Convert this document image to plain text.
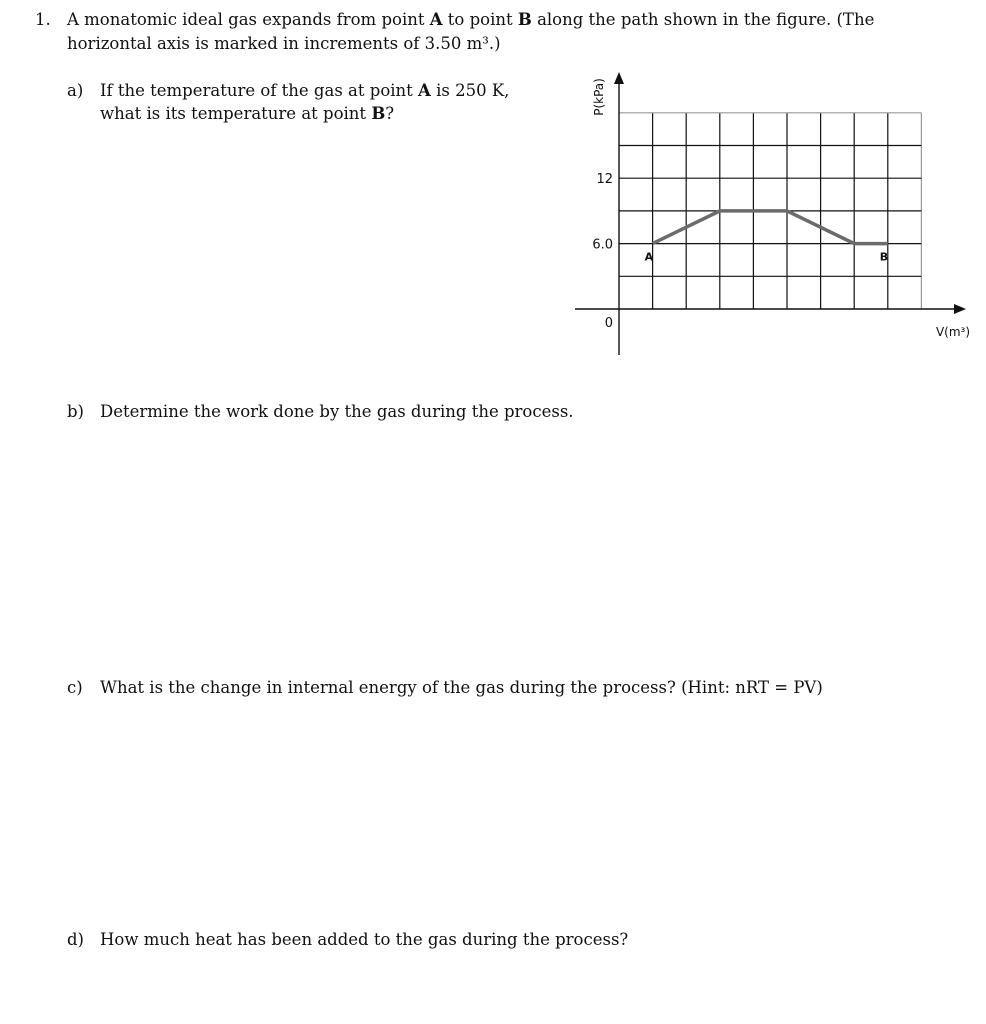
1. A monatomic ideal gas expands from point A to point B along the path shown in the figure. (The
horizontal axis is marked in increments of 3.50 m³.)
a) If the temperature of the gas at point A is 250 K,
what is its temperature at point B?
b) Determine the work done by the gas during the process.
c) What is the change in internal energy of the gas during the process? (Hint: nRT = PV)
d) How much heat has been added to the gas during the process?
0
6.0
12
A	B
V(m³)
P(kPa)
